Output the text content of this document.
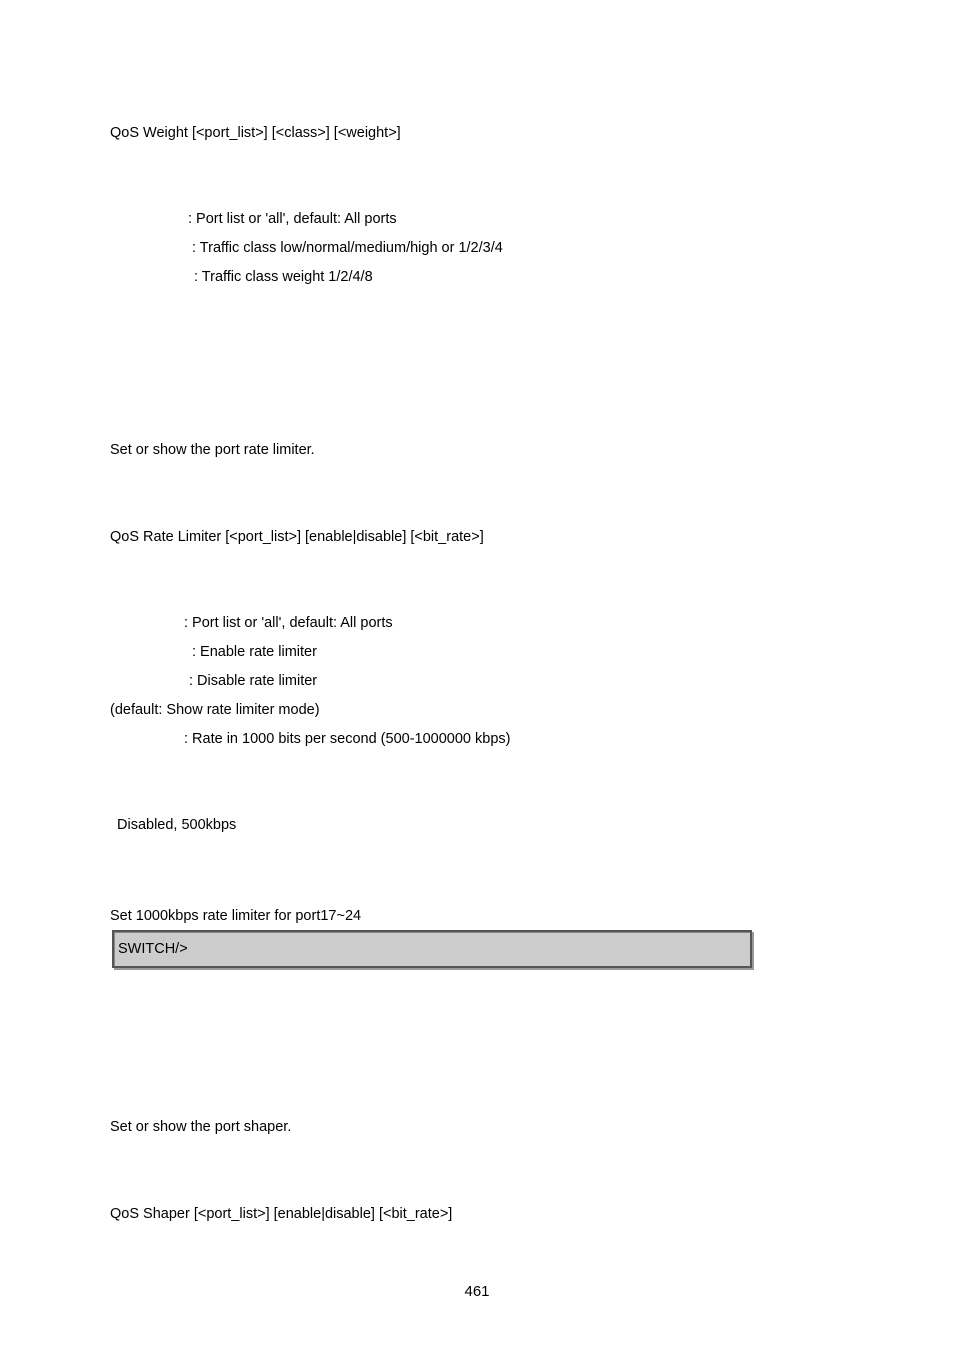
QoS Weight [<port_list>] [<class>] [<weight>]
: Port list or 'all', default: All ports
: Traffic class low/normal/medium/high or 1/2/3/4
: Traffic class weight 1/2/4/8
Set or show the port rate limiter.
QoS Rate Limiter [<port_list>] [enable|disable] [<bit_rate>]
: Port list or 'all', default: All ports
: Enable rate limiter
: Disable rate limiter
(default: Show rate limiter mode)
: Rate in 1000 bits per second (500-1000000 kbps)
Disabled, 500kbps
Set 1000kbps rate limiter for port17~24
SWITCH/>
Set or show the port shaper.
QoS Shaper [<port_list>] [enable|disable] [<bit_rate>]
461
